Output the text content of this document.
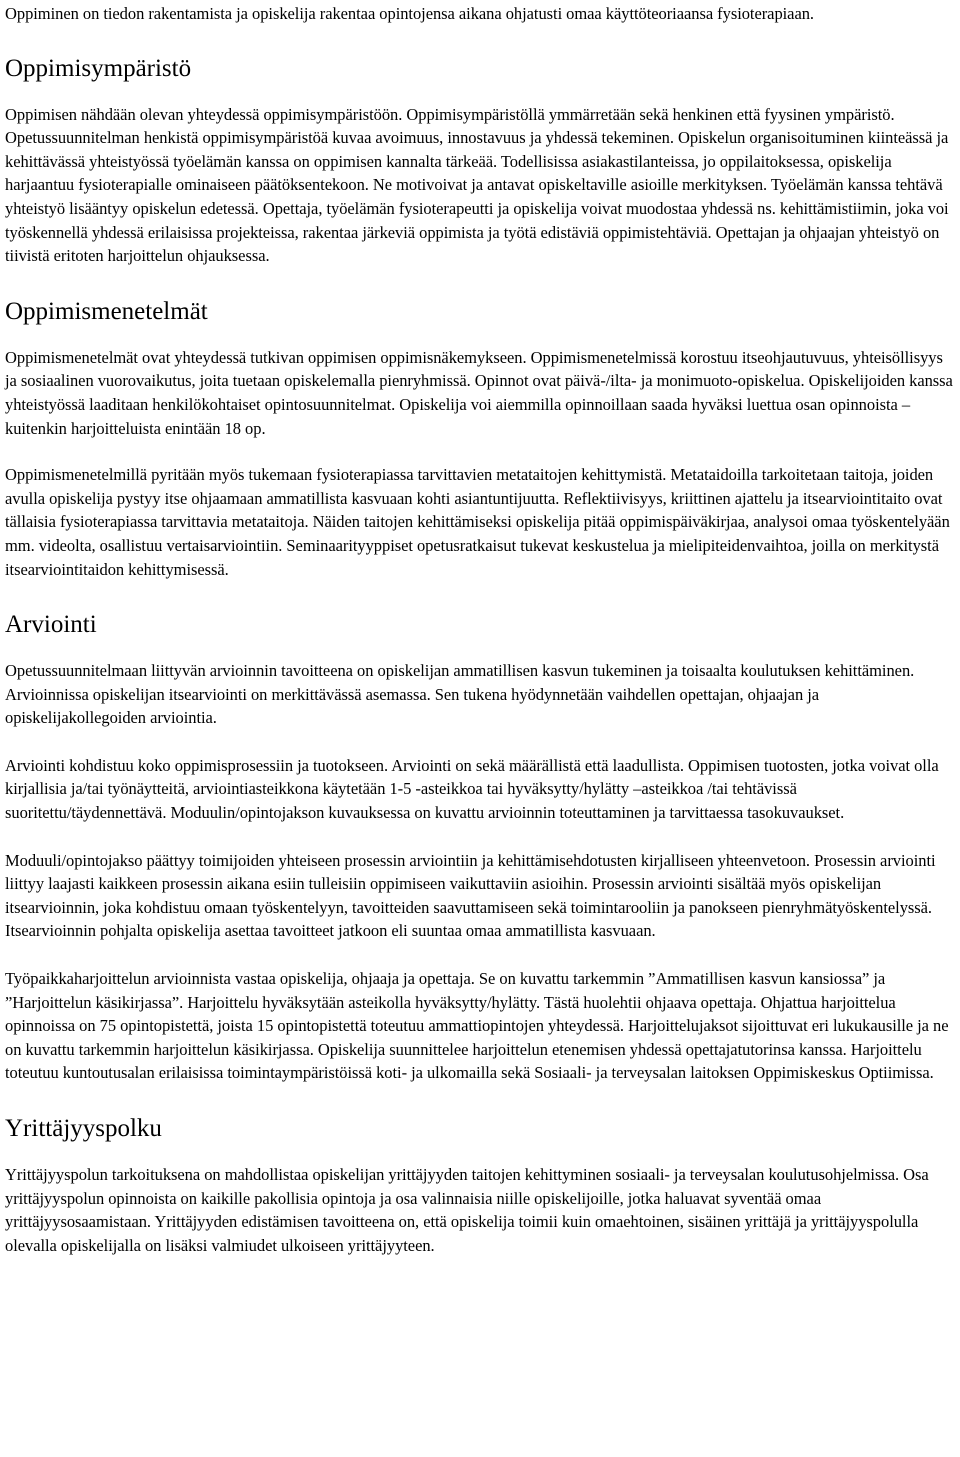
Oppiminen on tiedon rakentamista ja opiskelija rakentaa opintojensa aikana ohjatusti omaa käyttöteoriaansa fysioterapiaan.

Oppimisympäristö

Oppimisen nähdään olevan yhteydessä oppimisympäristöön. Oppimisympäristöllä ymmärretään sekä henkinen että fyysinen ympäristö. Opetussuunnitelman henkistä oppimisympäristöä kuvaa avoimuus, innostavuus ja yhdessä tekeminen. Opiskelun organisoituminen kiinteässä ja kehittävässä yhteistyössä työelämän kanssa on oppimisen kannalta tärkeää. Todellisissa asiakastilanteissa, jo oppilaitoksessa, opiskelija harjaantuu fysioterapialle ominaiseen päätöksentekoon. Ne motivoivat ja antavat opiskeltaville asioille merkityksen. Työelämän kanssa tehtävä yhteistyö lisääntyy opiskelun edetessä. Opettaja, työelämän fysioterapeutti ja opiskelija voivat muodostaa yhdessä ns. kehittämistiimin, joka voi työskennellä yhdessä erilaisissa projekteissa, rakentaa järkeviä oppimista ja työtä edistäviä oppimistehtäviä. Opettajan ja ohjaajan yhteistyö on tiivistä eritoten harjoittelun ohjauksessa.

Oppimismenetelmät

Oppimismenetelmät ovat yhteydessä tutkivan oppimisen oppimisnäkemykseen. Oppimismenetelmissä korostuu itseohjautuvuus, yhteisöllisyys ja sosiaalinen vuorovaikutus, joita tuetaan opiskelemalla pienryhmissä. Opinnot ovat päivä-/ilta- ja monimuoto-opiskelua. Opiskelijoiden kanssa yhteistyössä laaditaan henkilökohtaiset opintosuunnitelmat. Opiskelija voi aiemmilla opinnoillaan saada hyväksi luettua osan opinnoista – kuitenkin harjoitteluista enintään 18 op.

Oppimismenetelmillä pyritään myös tukemaan fysioterapiassa tarvittavien metataitojen kehittymistä. Metataidoilla tarkoitetaan taitoja, joiden avulla opiskelija pystyy itse ohjaamaan ammatillista kasvuaan kohti asiantuntijuutta. Reflektiivisyys, kriittinen ajattelu ja itsearviointitaito ovat tällaisia fysioterapiassa tarvittavia metataitoja. Näiden taitojen kehittämiseksi opiskelija pitää oppimispäiväkirjaa, analysoi omaa työskentelyään mm. videolta, osallistuu vertaisarviointiin. Seminaarityyppiset opetusratkaisut tukevat keskustelua ja mielipiteidenvaihtoa, joilla on merkitystä itsearviointitaidon kehittymisessä.

Arviointi

Opetussuunnitelmaan liittyvän arvioinnin tavoitteena on opiskelijan ammatillisen kasvun tukeminen ja toisaalta koulutuksen kehittäminen. Arvioinnissa opiskelijan itsearviointi on merkittävässä asemassa. Sen tukena hyödynnetään vaihdellen opettajan, ohjaajan ja opiskelijakollegoiden arviointia.

Arviointi kohdistuu koko oppimisprosessiin ja tuotokseen. Arviointi on sekä määrällistä että laadullista. Oppimisen tuotosten, jotka voivat olla kirjallisia ja/tai työnäytteitä, arviointiasteikkona käytetään 1-5 -asteikkoa tai hyväksytty/hylätty –asteikkoa /tai tehtävissä suoritettu/täydennettävä. Moduulin/opintojakson kuvauksessa on kuvattu arvioinnin toteuttaminen ja tarvittaessa tasokuvaukset.

Moduuli/opintojakso päättyy toimijoiden yhteiseen prosessin arviointiin ja kehittämisehdotusten kirjalliseen yhteenvetoon. Prosessin arviointi liittyy laajasti kaikkeen prosessin aikana esiin tulleisiin oppimiseen vaikuttaviin asioihin. Prosessin arviointi sisältää myös opiskelijan itsearvioinnin, joka kohdistuu omaan työskentelyyn, tavoitteiden saavuttamiseen sekä toimintarooliin ja panokseen pienryhmätyöskentelyssä. Itsearvioinnin pohjalta opiskelija asettaa tavoitteet jatkoon eli suuntaa omaa ammatillista kasvuaan.

Työpaikkaharjoittelun arvioinnista vastaa opiskelija, ohjaaja ja opettaja. Se on kuvattu tarkemmin ”Ammatillisen kasvun kansiossa” ja ”Harjoittelun käsikirjassa”. Harjoittelu hyväksytään asteikolla hyväksytty/hylätty. Tästä huolehtii ohjaava opettaja. Ohjattua harjoittelua opinnoissa on 75 opintopistettä, joista 15 opintopistettä toteutuu ammattiopintojen yhteydessä. Harjoittelujaksot sijoittuvat eri lukukausille ja ne on kuvattu tarkemmin harjoittelun käsikirjassa. Opiskelija suunnittelee harjoittelun etenemisen yhdessä opettajatutorinsa kanssa. Harjoittelu toteutuu kuntoutusalan erilaisissa toimintaympäristöissä koti- ja ulkomailla sekä Sosiaali- ja terveysalan laitoksen Oppimiskeskus Optiimissa.

Yrittäjyyspolku

Yrittäjyyspolun tarkoituksena on mahdollistaa opiskelijan yrittäjyyden taitojen kehittyminen sosiaali- ja terveysalan koulutusohjelmissa. Osa yrittäjyyspolun opinnoista on kaikille pakollisia opintoja ja osa valinnaisia niille opiskelijoille, jotka haluavat syventää omaa yrittäjyysosaamistaan. Yrittäjyyden edistämisen tavoitteena on, että opiskelija toimii kuin omaehtoinen, sisäinen yrittäjä ja yrittäjyyspolulla olevalla opiskelijalla on lisäksi valmiudet ulkoiseen yrittäjyyteen.
